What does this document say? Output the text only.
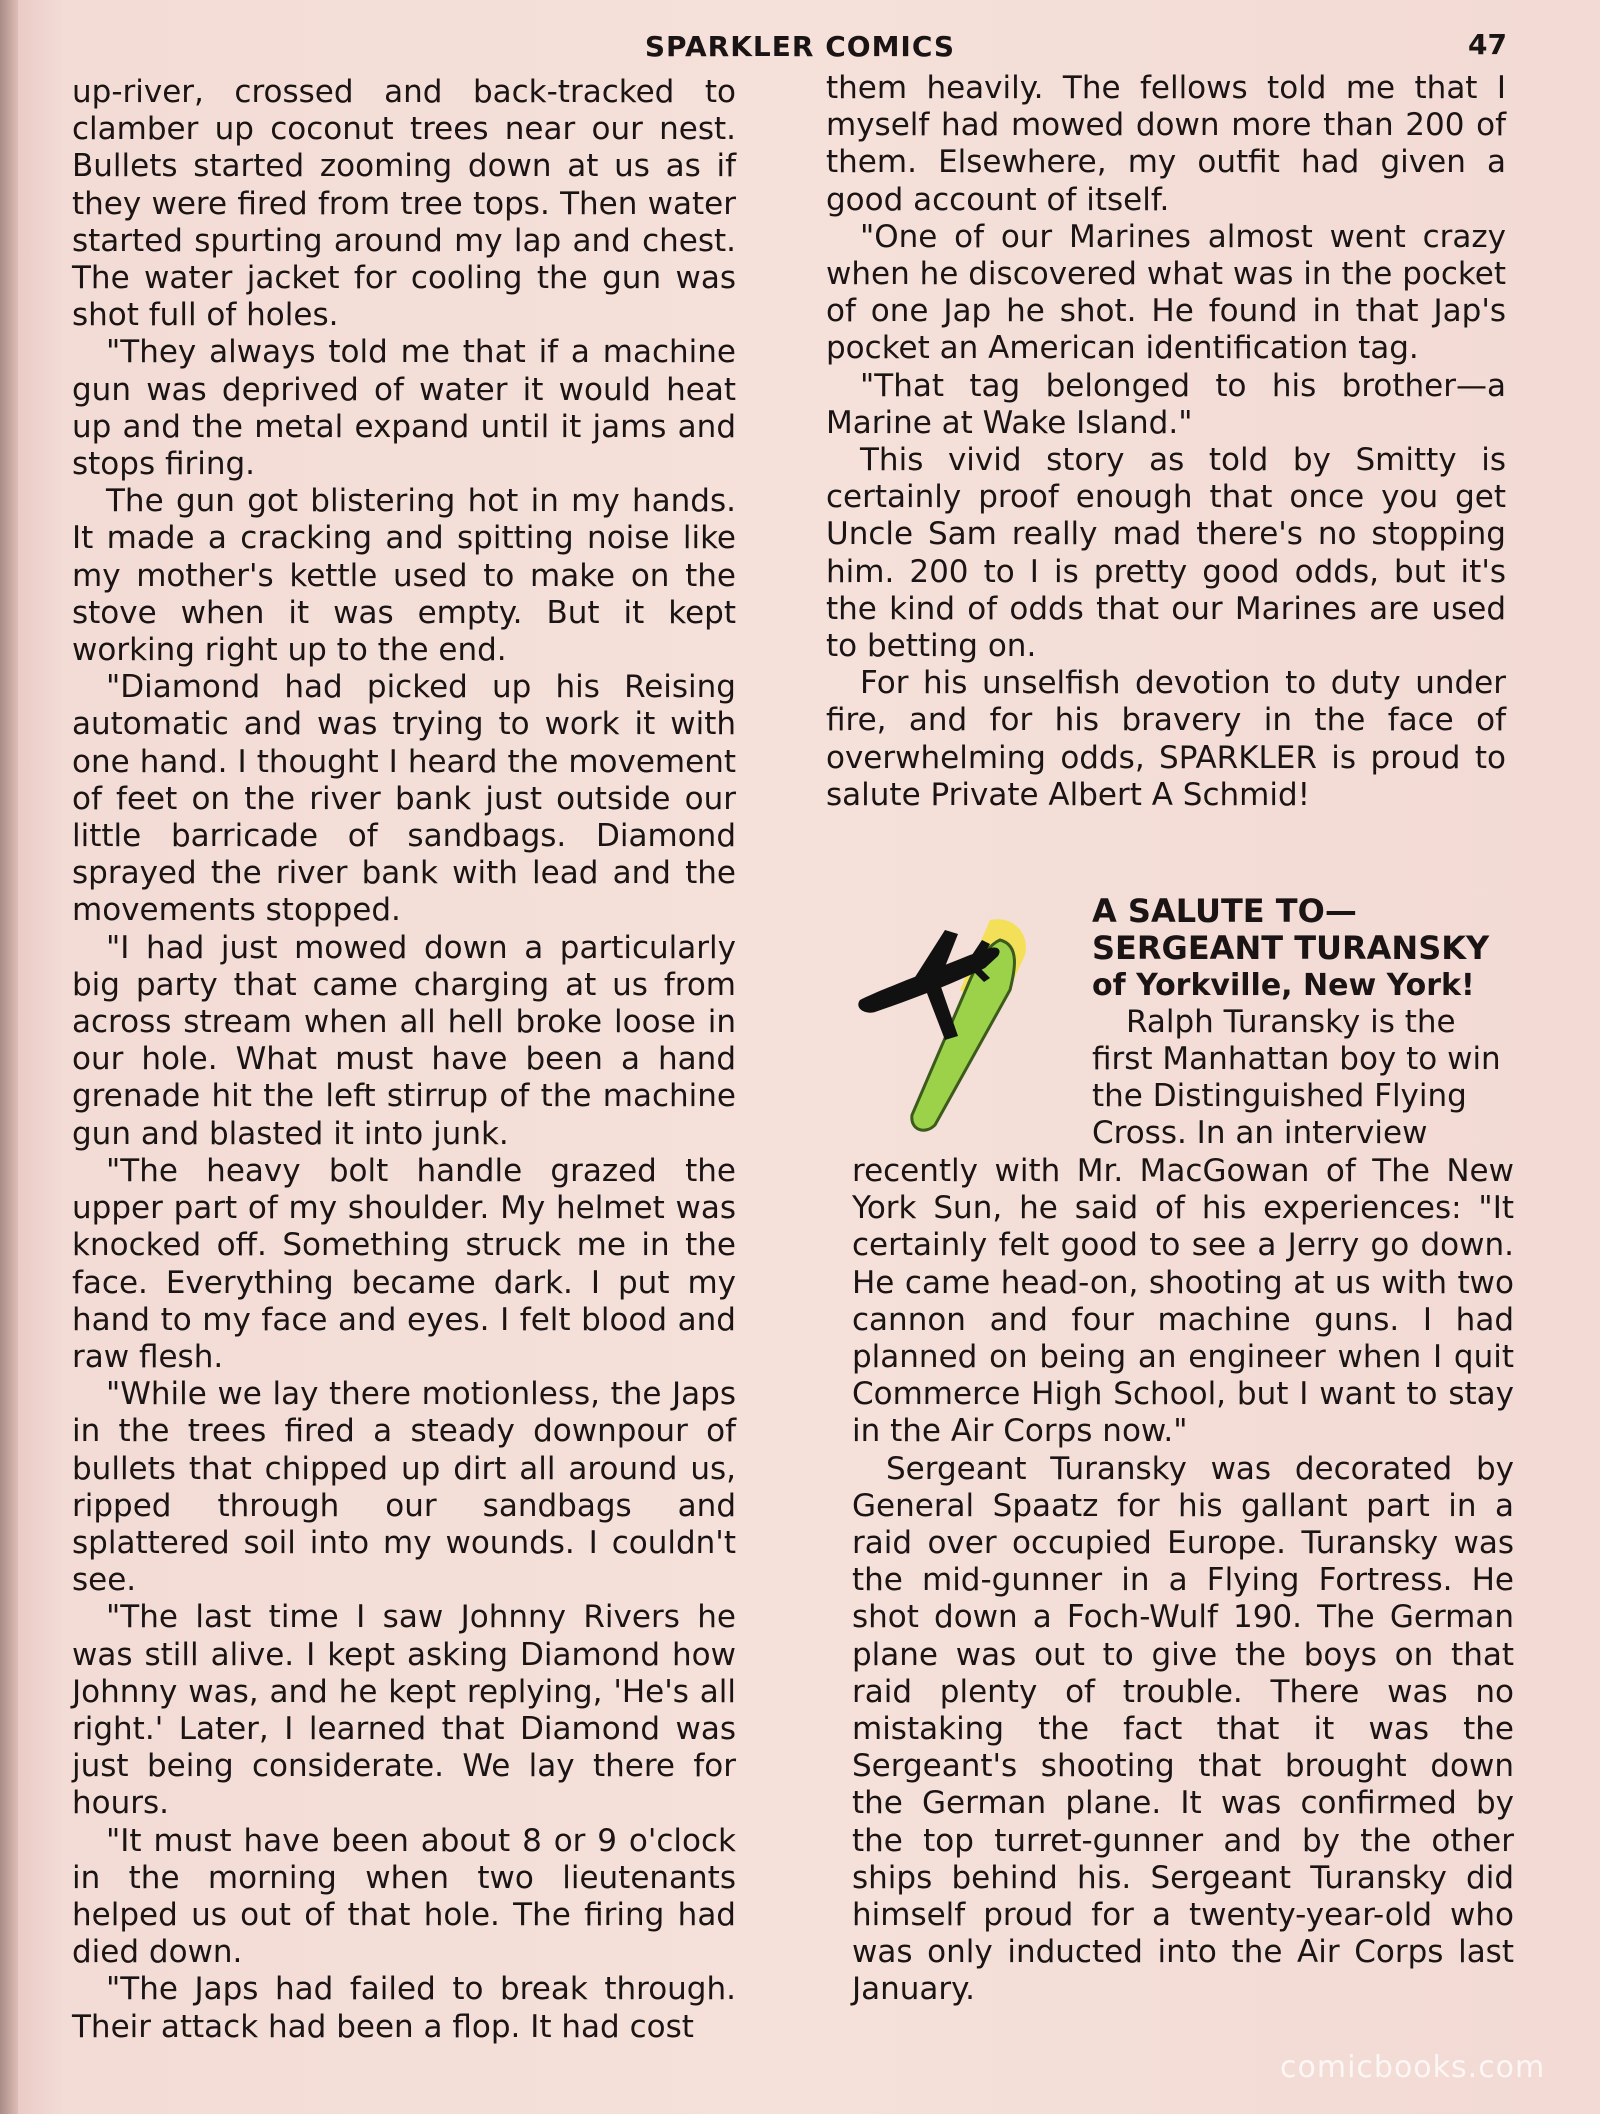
SPARKLER COMICS	47

up-river, crossed and back-tracked to clamber up coconut trees near our nest. Bullets started zooming down at us as if they were fired from tree tops. Then water started spurting around my lap and chest. The water jacket for cooling the gun was shot full of holes.

"They always told me that if a machine gun was deprived of water it would heat up and the metal expand until it jams and stops firing.

The gun got blistering hot in my hands. It made a cracking and spitting noise like my mother's kettle used to make on the stove when it was empty. But it kept working right up to the end.

"Diamond had picked up his Reising automatic and was trying to work it with one hand. I thought I heard the movement of feet on the river bank just outside our little barricade of sandbags. Diamond sprayed the river bank with lead and the movements stopped.

"I had just mowed down a particularly big party that came charging at us from across stream when all hell broke loose in our hole. What must have been a hand grenade hit the left stirrup of the machine gun and blasted it into junk.

"The heavy bolt handle grazed the upper part of my shoulder. My helmet was knocked off. Something struck me in the face. Everything became dark. I put my hand to my face and eyes. I felt blood and raw flesh.

"While we lay there motionless, the Japs in the trees fired a steady downpour of bullets that chipped up dirt all around us, ripped through our sandbags and splattered soil into my wounds. I couldn't see.

"The last time I saw Johnny Rivers he was still alive. I kept asking Diamond how Johnny was, and he kept replying, 'He's all right.' Later, I learned that Diamond was just being considerate. We lay there for hours.

"It must have been about 8 or 9 o'clock in the morning when two lieutenants helped us out of that hole. The firing had died down.

"The Japs had failed to break through. Their attack had been a flop. It had cost

them heavily. The fellows told me that I myself had mowed down more than 200 of them. Elsewhere, my outfit had given a good account of itself.

"One of our Marines almost went crazy when he discovered what was in the pocket of one Jap he shot. He found in that Jap's pocket an American identification tag.

"That tag belonged to his brother—a Marine at Wake Island."

This vivid story as told by Smitty is certainly proof enough that once you get Uncle Sam really mad there's no stopping him. 200 to I is pretty good odds, but it's the kind of odds that our Marines are used to betting on.

For his unselfish devotion to duty under fire, and for his bravery in the face of overwhelming odds, SPARKLER is proud to salute Private Albert A Schmid!

A SALUTE TO—

SERGEANT TURANSKY

of Yorkville, New York!

Ralph Turansky is the first Manhattan boy to win the Distinguished Flying Cross. In an interview

recently with Mr. MacGowan of The New York Sun, he said of his experiences: "It certainly felt good to see a Jerry go down. He came head-on, shooting at us with two cannon and four machine guns. I had planned on being an engineer when I quit Commerce High School, but I want to stay in the Air Corps now."

Sergeant Turansky was decorated by General Spaatz for his gallant part in a raid over occupied Europe. Turansky was the mid-gunner in a Flying Fortress. He shot down a Foch-Wulf 190. The German plane was out to give the boys on that raid plenty of trouble. There was no mistaking the fact that it was the Sergeant's shooting that brought down the German plane. It was confirmed by the top turret-gunner and by the other ships behind his. Sergeant Turansky did himself proud for a twenty-year-old who was only inducted into the Air Corps last January.

comicbooks.com
